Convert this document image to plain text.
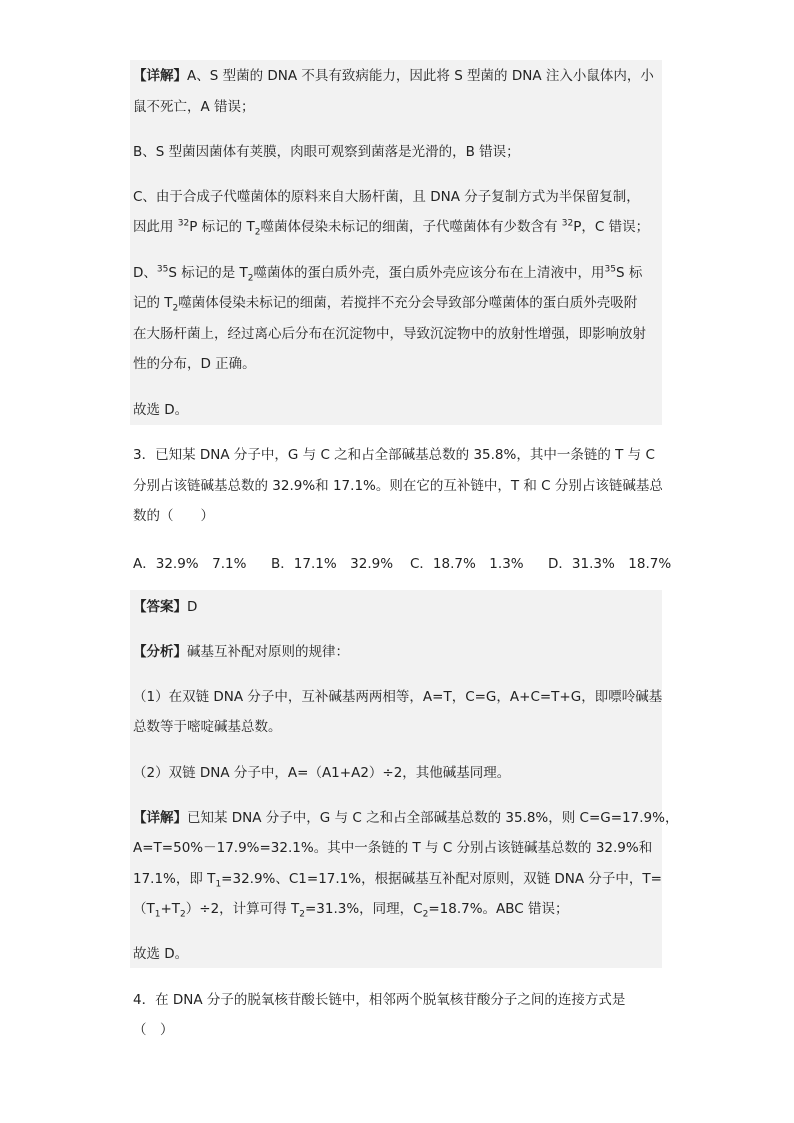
【详解】A、S 型菌的 DNA 不具有致病能力，因此将 S 型菌的 DNA 注入小鼠体内，小
鼠不死亡，A 错误；
B、S 型菌因菌体有荚膜，肉眼可观察到菌落是光滑的，B 错误；
C、由于合成子代噬菌体的原料来自大肠杆菌，且 DNA 分子复制方式为半保留复制，
因此用 $^{32}$P 标记的 $T_2$噬菌体侵染未标记的细菌，子代噬菌体有少数含有 $^{32}$P，C 错误；
D、$^{35}$S 标记的是 $T_2$噬菌体的蛋白质外壳，蛋白质外壳应该分布在上清液中，用$^{35}$S 标
记的 $T_2$噬菌体侵染未标记的细菌，若搅拌不充分会导致部分噬菌体的蛋白质外壳吸附
在大肠杆菌上，经过离心后分布在沉淀物中，导致沉淀物中的放射性增强，即影响放射
性的分布，D 正确。
故选 D。
3．已知某 DNA 分子中，G 与 C 之和占全部碱基总数的 35.8%，其中一条链的 T 与 C
分别占该链碱基总数的 32.9%和 17.1%。则在它的互补链中，T 和 C 分别占该链碱基总
数的（　　）
A．32.9%　7.1% B．17.1%　32.9% C．18.7%　1.3% D．31.3%　18.7%
【答案】D
【分析】碱基互补配对原则的规律：
（1）在双链 DNA 分子中，互补碱基两两相等，A=T，C=G，A+C=T+G，即嘌呤碱基
总数等于嘧啶碱基总数。
（2）双链 DNA 分子中，A=（A1+A2）÷2，其他碱基同理。
【详解】已知某 DNA 分子中，G 与 C 之和占全部碱基总数的 35.8%，则 C=G=17.9%，
A=T=50%－17.9%=32.1%。其中一条链的 T 与 C 分别占该链碱基总数的 32.9%和
17.1%，即 $T_1=32.9\%$、C1=17.1%，根据碱基互补配对原则，双链 DNA 分子中，T=
$(T_1+T_2)\div 2$，计算可得 $T_2=31.3\%$，同理，$C_2=18.7\%$。ABC 错误；
故选 D。
4．在 DNA 分子的脱氧核苷酸长链中，相邻两个脱氧核苷酸分子之间的连接方式是
（　）
